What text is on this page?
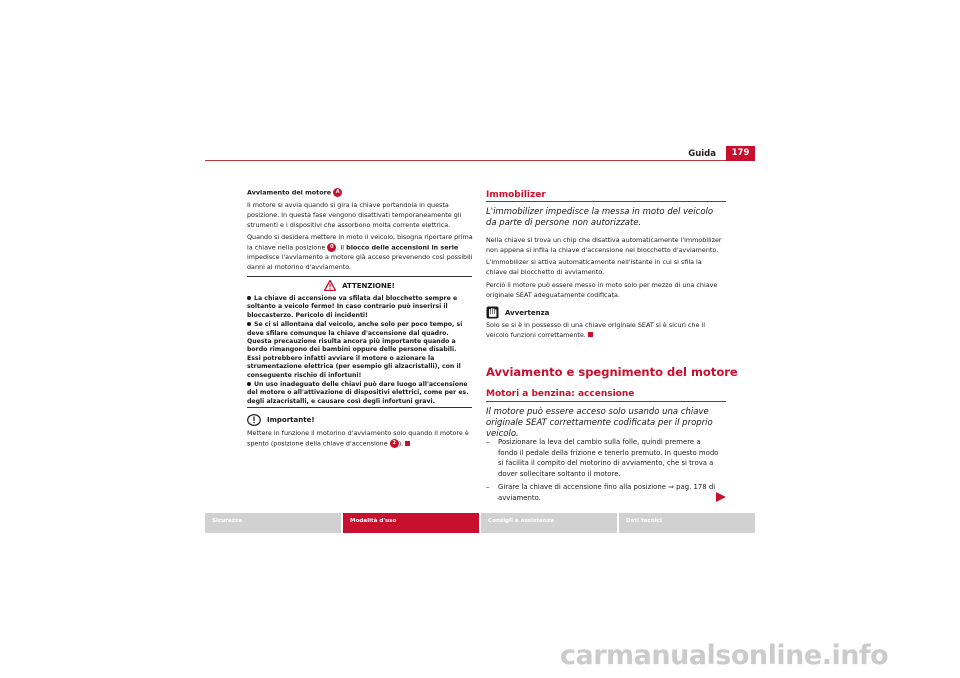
Guida	179

Avviamento del motore A

Il motore si avvia quando si gira la chiave portandola in questa posizione. In questa fase vengono disattivati temporaneamente gli strumenti e i dispositivi che assorbono molta corrente elettrica.

Quando si desidera mettere in moto il veicolo, bisogna riportare prima la chiave nella posizione 0 . Il blocco delle accensioni in serie impedisce l'avviamento a motore già acceso prevenendo così possibili danni al motorino d'avviamento.

ATTENZIONE!
La chiave di accensione va sfilata dal blocchetto sempre e soltanto a veicolo fermo! In caso contrario può inserirsi il bloccasterzo. Pericolo di incidenti!
Se ci si allontana dal veicolo, anche solo per poco tempo, si deve sfilare comunque la chiave d'accensione dal quadro. Questa precauzione risulta ancora più importante quando a bordo rimangono dei bambini oppure delle persone disabili. Essi potrebbero infatti avviare il motore o azionare la strumentazione elettrica (per esempio gli alzacristalli), con il conseguente rischio di infortuni!
Un uso inadeguato delle chiavi può dare luogo all'accensione del motore o all'attivazione di dispositivi elettrici, come per es. degli alzacristalli, e causare così degli infortuni gravi.
Importante!
Mettere in funzione il motorino d'avviamento solo quando il motore è spento (posizione della chiave d'accensione 2 ).
Immobilizer
L'immobilizer impedisce la messa in moto del veicolo da parte di persone non autorizzate.

Nella chiave si trova un chip che disattiva automaticamente l'immobilizer non appena si infila la chiave d'accensione nel blocchetto d'avviamento.

L'immobilizer si attiva automaticamente nell'istante in cui si sfila la chiave dal blocchetto di avviamento.

Perciò il motore può essere messo in moto solo per mezzo di una chiave originale SEAT adeguatamente codificata.

Avvertenza
Solo se si è in possesso di una chiave originale SEAT si è sicuri che il veicolo funzioni correttamente.
Avviamento e spegnimento del motore
Motori a benzina: accensione
Il motore può essere acceso solo usando una chiave originale SEAT correttamente codificata per il proprio veicolo.
–	Posizionare la leva del cambio sulla folle, quindi premere a fondo il pedale della frizione e tenerlo premuto. In questo modo si facilita il compito del motorino di avviamento, che si trova a dover sollecitare soltanto il motore.
–	Girare la chiave di accensione fino alla posizione ⇒ pag. 178 di avviamento.
Sicurezza	Modalità d'uso	Consigli e assistenza	Dati tecnici
carmanualsonline.info
